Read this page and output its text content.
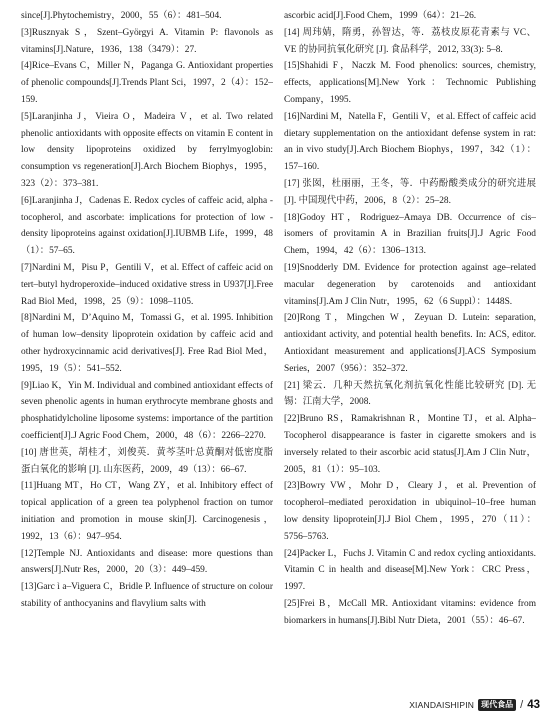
since[J].Phytochemistry，2000，55（6）：481–504.

[3]Rusznyak S，Szent–Györgyi A. Vitamin P: flavonols as vitamins[J].Nature，1936，138（3479）：27.

[4]Rice–Evans C，Miller N，Paganga G. Antioxidant properties of phenolic compounds[J].Trends Plant Sci，1997，2（4）：152–159.

[5]Laranjinha J，Vieira O，Madeira V，et al. Two related phenolic antioxidants with opposite effects on vitamin E content in low density lipoproteins oxidized by ferrylmyoglobin: consumption vs regeneration[J].Arch Biochem Biophys，1995，323（2）：373–381.

[6]Laranjinha J，Cadenas E. Redox cycles of caffeic acid, alpha - tocopherol, and ascorbate: implications for protection of low - density lipoproteins against oxidation[J].IUBMB Life，1999，48（1）：57–65.

[7]Nardini M，Pisu P，Gentili V，et al. Effect of caffeic acid on tert–butyl hydroperoxide–induced oxidative stress in U937[J].Free Rad Biol Med，1998，25（9）：1098–1105.

[8]Nardini M，D’Aquino M，Tomassi G，et al. 1995. Inhibition of human low–density lipoprotein oxidation by caffeic acid and other hydroxycinnamic acid derivatives[J]. Free Rad Biol Med，1995，19（5）：541–552.

[9]Liao K，Yin M. Individual and combined antioxidant effects of seven phenolic agents in human erythrocyte membrane ghosts and phosphatidylcholine liposome systems: importance of the partition coefficient[J].J Agric Food Chem，2000，48（6）：2266–2270.

[10] 唐世英，胡桂才，刘俊英．黄芩茎叶总黄酮对低密度脂蛋白氧化的影响 [J]. 山东医药，2009，49（13）：66–67.

[11]Huang MT，Ho CT，Wang ZY，et al. Inhibitory effect of topical application of a green tea polyphenol fraction on tumor initiation and promotion in mouse skin[J]. Carcinogenesis，1992，13（6）：947–954.

[12]Temple NJ. Antioxidants and disease: more questions than answers[J].Nutr Res，2000，20（3）：449–459.

[13]Garc ì a–Viguera C，Bridle P. Influence of structure on colour stability of anthocyanins and flavylium salts with

ascorbic acid[J].Food Chem，1999（64）：21–26.

[14] 周玮婧，隋勇，孙智达，等．荔枝皮原花青素与 VC、VE 的协同抗氧化研究 [J]. 食品科学，2012, 33(3): 5–8.

[15]Shahidi F，Naczk M. Food phenolics: sources, chemistry, effects, applications[M].New York：Technomic Publishing Company，1995.

[16]Nardini M，Natella F，Gentili V，et al. Effect of caffeic acid dietary supplementation on the antioxidant defense system in rat: an in vivo study[J].Arch Biochem Biophys，1997，342（1）：157–160.

[17] 张囡，杜丽丽，王冬，等．中药酚酸类成分的研究进展 [J]. 中国现代中药，2006，8（2）：25–28.

[18]Godoy HT，Rodriguez–Amaya DB. Occurrence of cis–isomers of provitamin A in Brazilian fruits[J].J Agric Food Chem，1994，42（6）：1306–1313.

[19]Snodderly DM. Evidence for protection against age–related macular degeneration by carotenoids and antioxidant vitamins[J].Am J Clin Nutr，1995，62（6 Suppl）：1448S.

[20]Rong T，Mingchen W，Zeyuan D. Lutein: separation, antioxidant activity, and potential health benefits. In: ACS, editor. Antioxidant measurement and applications[J].ACS Symposium Series，2007（956）：352–372.

[21] 梁云．几种天然抗氧化剂抗氧化性能比较研究 [D]. 无锡：江南大学，2008.

[22]Bruno RS，Ramakrishnan R，Montine TJ，et al. Alpha–Tocopherol disappearance is faster in cigarette smokers and is inversely related to their ascorbic acid status[J].Am J Clin Nutr，2005，81（1）：95–103.

[23]Bowry VW，Mohr D，Cleary J，et al. Prevention of tocopherol–mediated peroxidation in ubiquinol–10–free human low density lipoprotein[J].J Biol Chem，1995，270（11）：5756–5763.

[24]Packer L，Fuchs J. Vitamin C and redox cycling antioxidants. Vitamin C in health and disease[M].New York：CRC Press，1997.

[25]Frei B，McCall MR. Antioxidant vitamins: evidence from biomarkers in humans[J].Bibl Nutr Dieta，2001（55）：46–67.

XIANDAISHIPIN 现代食品 / 43
